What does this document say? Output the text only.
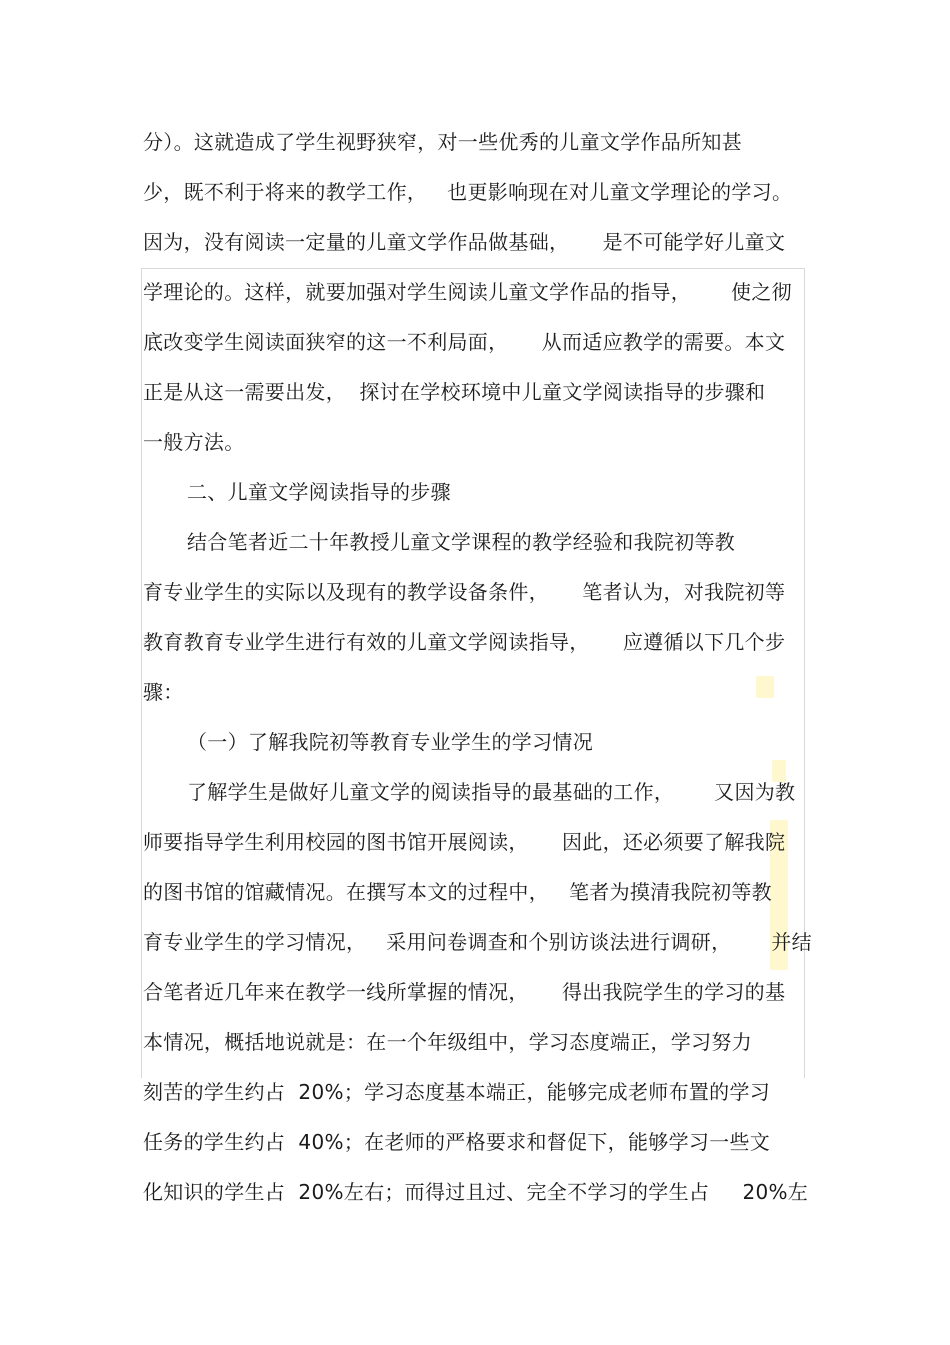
分）。这就造成了学生视野狭窄，对一些优秀的儿童文学作品所知甚
少，既不利于将来的教学工作，   也更影响现在对儿童文学理论的学习。
因为，没有阅读一定量的儿童文学作品做基础，     是不可能学好儿童文
学理论的。这样，就要加强对学生阅读儿童文学作品的指导，      使之彻
底改变学生阅读面狭窄的这一不利局面，     从而适应教学的需要。本文
正是从这一需要出发，  探讨在学校环境中儿童文学阅读指导的步骤和
一般方法。
二、儿童文学阅读指导的步骤
结合笔者近二十年教授儿童文学课程的教学经验和我院初等教
育专业学生的实际以及现有的教学设备条件，     笔者认为，对我院初等
教育教育专业学生进行有效的儿童文学阅读指导，     应遵循以下几个步
骤：
（一）了解我院初等教育专业学生的学习情况
了解学生是做好儿童文学的阅读指导的最基础的工作，      又因为教
师要指导学生利用校园的图书馆开展阅读，     因此，还必须要了解我院
的图书馆的馆藏情况。在撰写本文的过程中，   笔者为摸清我院初等教
育专业学生的学习情况，   采用问卷调查和个别访谈法进行调研，      并结
合笔者近几年来在教学一线所掌握的情况，     得出我院学生的学习的基
本情况，概括地说就是：在一个年级组中，学习态度端正，学习努力
刻苦的学生约占  20%；学习态度基本端正，能够完成老师布置的学习
任务的学生约占  40%；在老师的严格要求和督促下，能够学习一些文
化知识的学生占  20%左右；而得过且过、完全不学习的学生占     20%左
